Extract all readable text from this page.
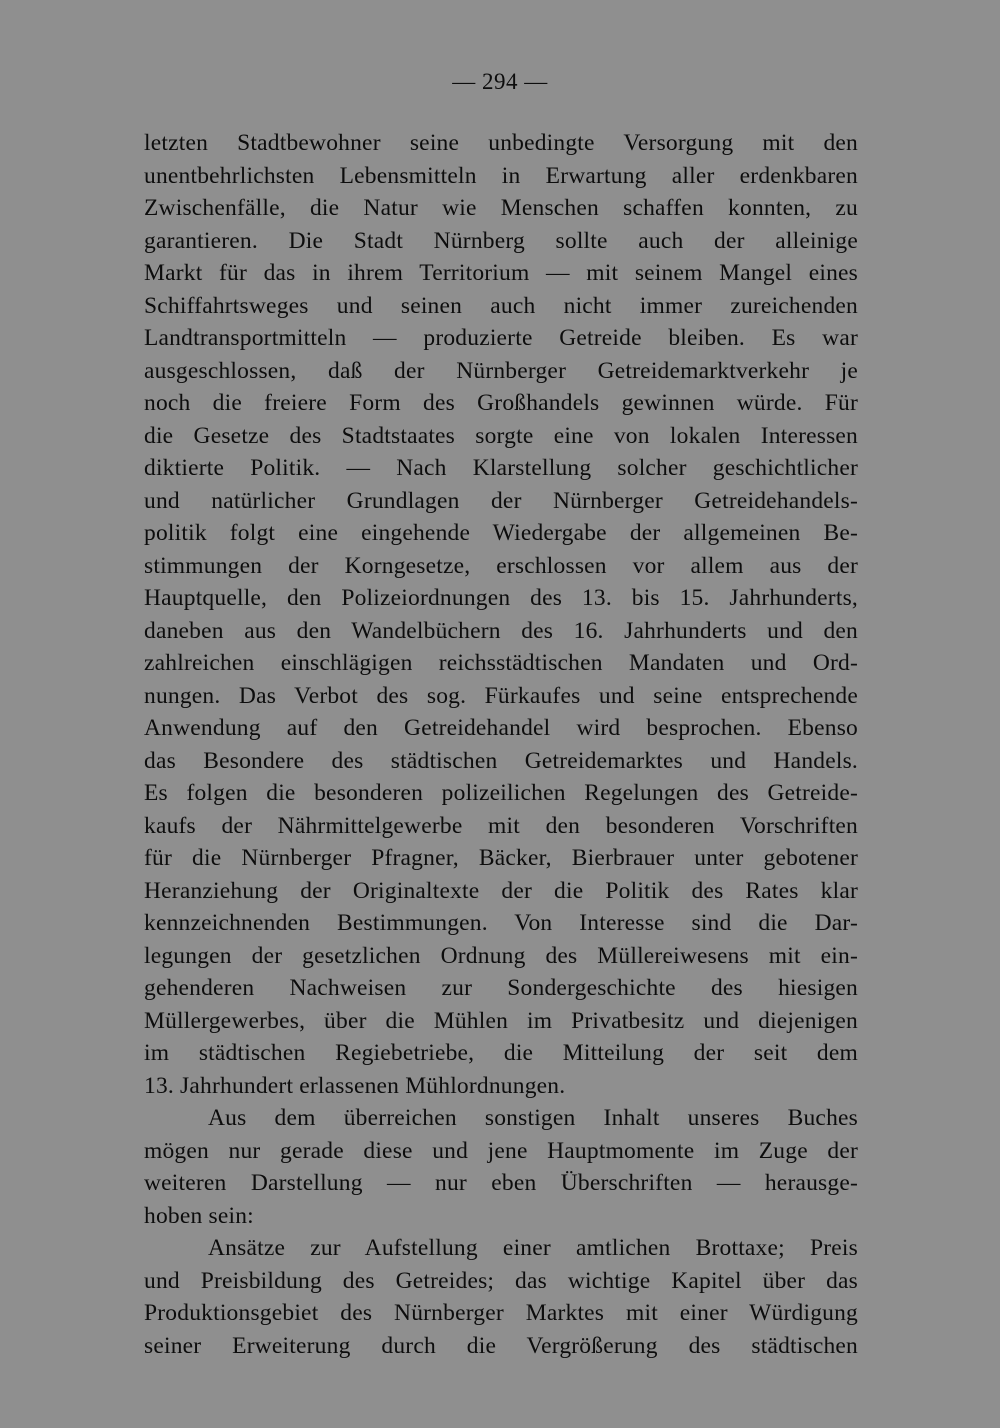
— 294 —
letzten Stadtbewohner seine unbedingte Versorgung mit den
unentbehrlichsten Lebensmitteln in Erwartung aller erdenkbaren
Zwischenfälle, die Natur wie Menschen schaffen konnten, zu
garantieren. Die Stadt Nürnberg sollte auch der alleinige
Markt für das in ihrem Territorium — mit seinem Mangel eines
Schiffahrtsweges und seinen auch nicht immer zureichenden
Landtransportmitteln — produzierte Getreide bleiben. Es war
ausgeschlossen, daß der Nürnberger Getreidemarktverkehr je
noch die freiere Form des Großhandels gewinnen würde. Für
die Gesetze des Stadtstaates sorgte eine von lokalen Interessen
diktierte Politik. — Nach Klarstellung solcher geschichtlicher
und natürlicher Grundlagen der Nürnberger Getreidehandels-
politik folgt eine eingehende Wiedergabe der allgemeinen Be-
stimmungen der Korngesetze, erschlossen vor allem aus der
Hauptquelle, den Polizeiordnungen des 13. bis 15. Jahrhunderts,
daneben aus den Wandelbüchern des 16. Jahrhunderts und den
zahlreichen einschlägigen reichsstädtischen Mandaten und Ord-
nungen. Das Verbot des sog. Fürkaufes und seine entsprechende
Anwendung auf den Getreidehandel wird besprochen. Ebenso
das Besondere des städtischen Getreidemarktes und Handels.
Es folgen die besonderen polizeilichen Regelungen des Getreide-
kaufs der Nährmittelgewerbe mit den besonderen Vorschriften
für die Nürnberger Pfragner, Bäcker, Bierbrauer unter gebotener
Heranziehung der Originaltexte der die Politik des Rates klar
kennzeichnenden Bestimmungen. Von Interesse sind die Dar-
legungen der gesetzlichen Ordnung des Müllereiwesens mit ein-
gehenderen Nachweisen zur Sondergeschichte des hiesigen
Müllergewerbes, über die Mühlen im Privatbesitz und diejenigen
im städtischen Regiebetriebe, die Mitteilung der seit dem
13. Jahrhundert erlassenen Mühlordnungen.
Aus dem überreichen sonstigen Inhalt unseres Buches
mögen nur gerade diese und jene Hauptmomente im Zuge der
weiteren Darstellung — nur eben Überschriften — herausge-
hoben sein:
Ansätze zur Aufstellung einer amtlichen Brottaxe; Preis
und Preisbildung des Getreides; das wichtige Kapitel über das
Produktionsgebiet des Nürnberger Marktes mit einer Würdigung
seiner Erweiterung durch die Vergrößerung des städtischen
